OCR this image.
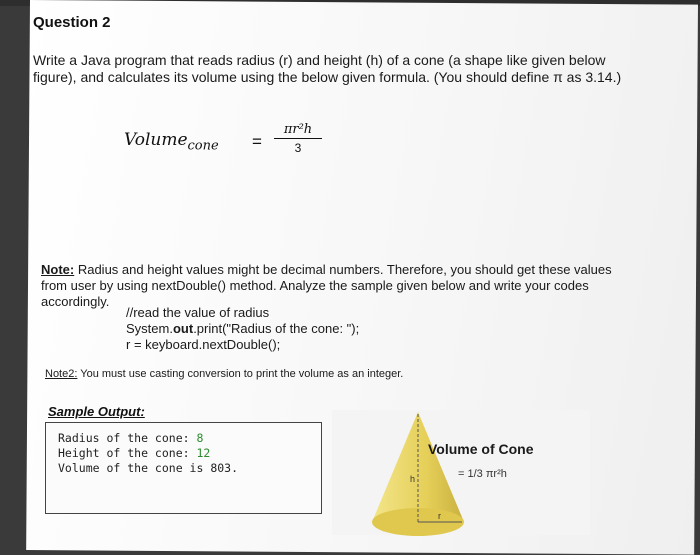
Question 2
Write a Java program that reads radius (r) and height (h) of a cone (a shape like given below figure), and calculates its volume using the below given formula. (You should define π as 3.14.)
Volume$_{cone}$ = $\frac{\text{πr²h}}{3}$
Note: Radius and height values might be decimal numbers. Therefore, you should get these values from user by using nextDouble() method. Analyze the sample given below and write your codes accordingly.
//read the value of radius
System.out.print("Radius of the cone: ");
r = keyboard.nextDouble();
Note2: You must use casting conversion to print the volume as an integer.
Sample Output:
Radius of the cone: 8
Height of the cone: 12
Volume of the cone is 803.
h
r
Volume of Cone
= 1/3 πr²h
